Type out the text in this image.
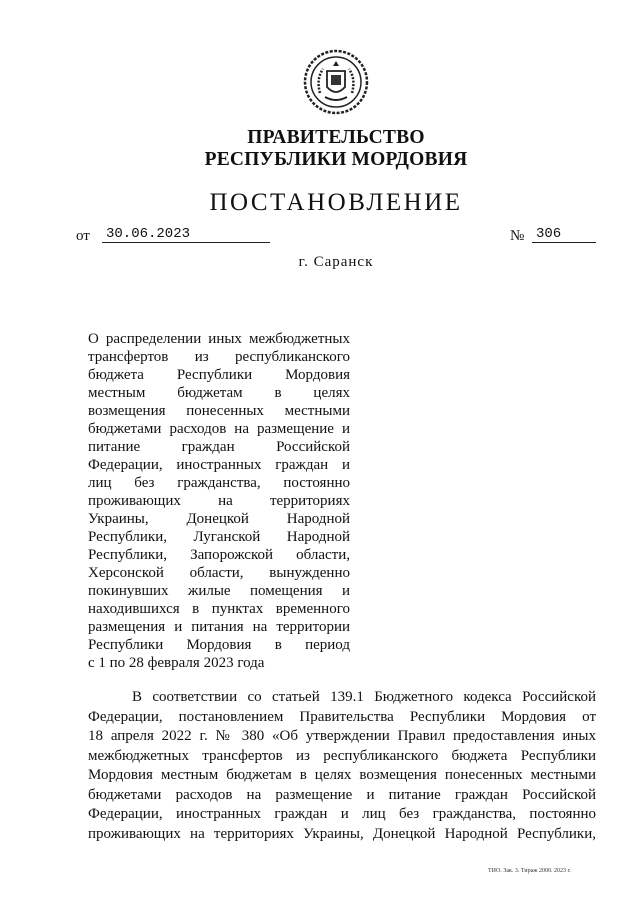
ПРАВИТЕЛЬСТВО
РЕСПУБЛИКИ МОРДОВИЯ
ПОСТАНОВЛЕНИЕ
от 30.06.2023	№ 306
г. Саранск

О распределении иных межбюджетных

трансфертов из республиканского

бюджета Республики Мордовия

местным бюджетам в целях

возмещения понесенных местными

бюджетами расходов на размещение и

питание граждан Российской

Федерации, иностранных граждан и

лиц без гражданства, постоянно

проживающих на территориях

Украины, Донецкой Народной

Республики, Луганской Народной

Республики, Запорожской области,

Херсонской области, вынужденно

покинувших жилые помещения и

находившихся в пунктах временного

размещения и питания на территории

Республики Мордовия в период

с 1 по 28 февраля 2023 года

В соответствии со статьей 139.1 Бюджетного кодекса Российской

Федерации, постановлением Правительства Республики Мордовия от

18 апреля 2022 г. № 380 «Об утверждении Правил предоставления иных

межбюджетных трансфертов из республиканского бюджета Республики

Мордовия местным бюджетам в целях возмещения понесенных местными

бюджетами расходов на размещение и питание граждан Российской

Федерации, иностранных граждан и лиц без гражданства, постоянно

проживающих на территориях Украины, Донецкой Народной Республики,

ТИО. Зак. 3. Тираж 2000. 2023 г.
